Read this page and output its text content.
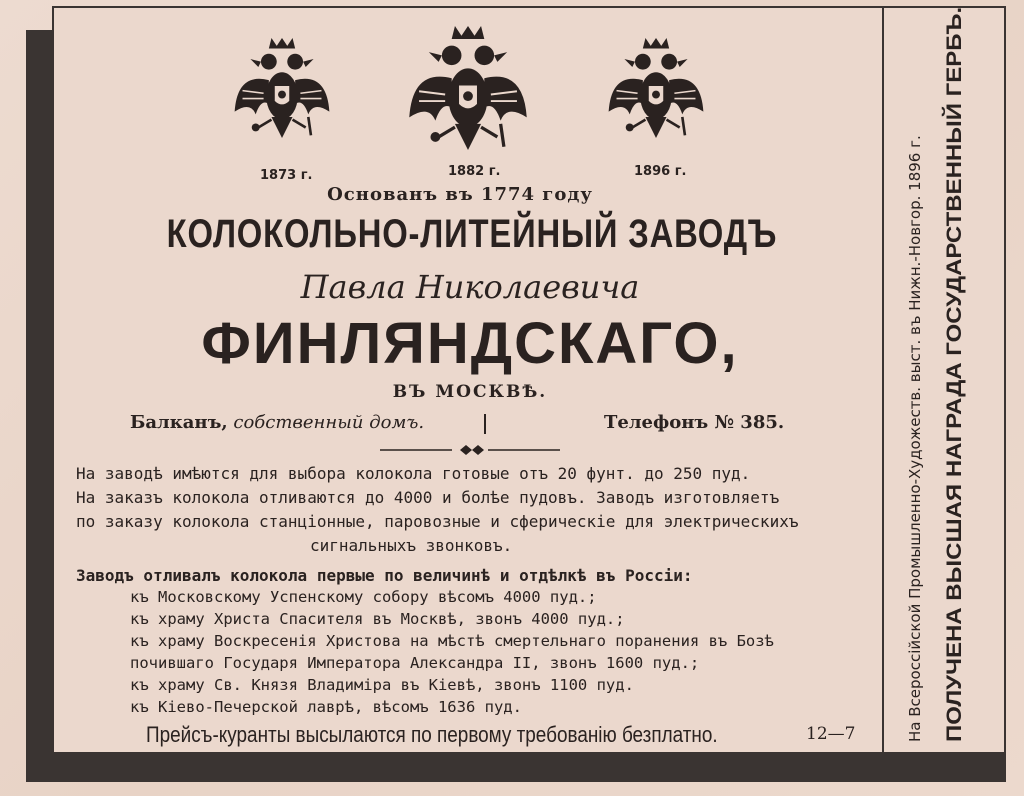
1873 г.	1882 г.	1896 г.
Основанъ въ 1774 году
КОЛОКОЛЬНО-ЛИТЕЙНЫЙ ЗАВОДЪ
Павла Николаевича
ФИНЛЯНДСКАГО,
ВЪ МОСКВѢ.
Балканъ, собственный домъ.	Телефонъ № 385.
На заводѣ имѣются для выбора колокола готовые отъ 20 фунт. до 250 пуд.
На заказъ колокола отливаются до 4000 и болѣе пудовъ. Заводъ изготовляетъ
по заказу колокола станціонные, паровозные и сферическіе для электрическихъ
сигнальныхъ звонковъ.
Заводъ отливалъ колокола первые по величинѣ и отдѣлкѣ въ Россіи:
къ Московскому Успенскому собору вѣсомъ 4000 пуд.;
къ храму Христа Спасителя въ Москвѣ, звонъ 4000 пуд.;
къ храму Воскресенія Христова на мѣстѣ смертельнаго поранения въ Бозѣ
почившаго Государя Императора Александра II, звонъ 1600 пуд.;
къ храму Св. Князя Владиміра въ Кіевѣ, звонъ 1100 пуд.
къ Кіево-Печерской лаврѣ, вѣсомъ 1636 пуд.
Прейсъ-куранты высылаются по первому требованію безплатно.	12—7	На Всероссійской Промышленно-Художеств. выст. въ Нижн.-Новгор. 1896 г. ПОЛУЧЕНА ВЫСШАЯ НАГРАДА ГОСУДАРСТВЕННЫЙ ГЕРБЪ.
